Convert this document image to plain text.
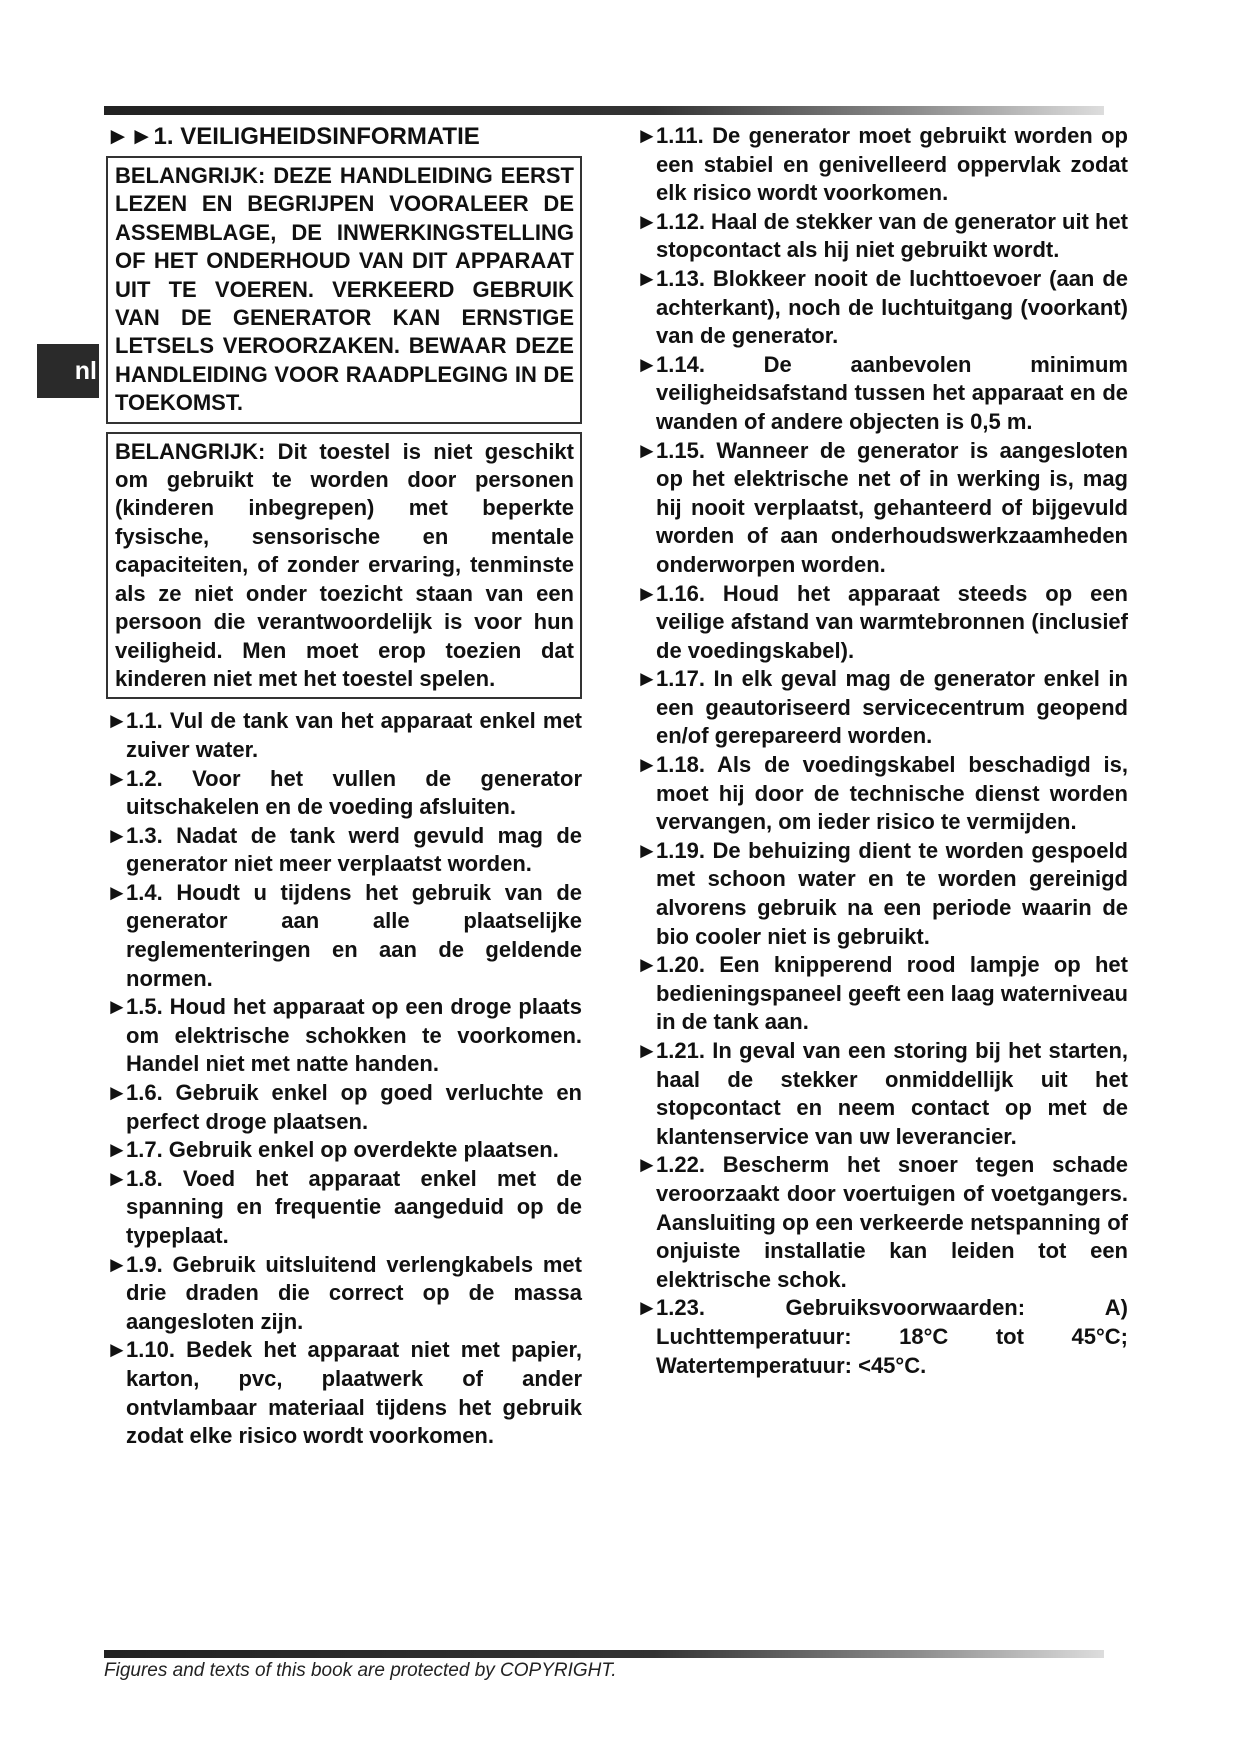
nl
►►1. VEILIGHEIDSINFORMATIE

BELANGRIJK: DEZE HANDLEIDING EERST LEZEN EN BEGRIJPEN VOORALEER DE ASSEMBLAGE, DE INWERKINGSTELLING OF HET ONDERHOUD VAN DIT APPARAAT UIT TE VOEREN. VERKEERD GEBRUIK VAN DE GENERATOR KAN ERNSTIGE LETSELS VEROORZAKEN. BEWAAR DEZE HANDLEIDING VOOR RAADPLEGING IN DE TOEKOMST.

BELANGRIJK: Dit toestel is niet geschikt om gebruikt te worden door personen (kinderen inbegrepen) met beperkte fysische, sensorische en mentale capaciteiten, of zonder ervaring, tenminste als ze niet onder toezicht staan van een persoon die verantwoordelijk is voor hun veiligheid. Men moet erop toezien dat kinderen niet met het toestel spelen.

►
1.1. Vul de tank van het apparaat enkel met zuiver water.

►
1.2. Voor het vullen de generator uitschakelen en de voeding afsluiten.

►
1.3. Nadat de tank werd gevuld mag de generator niet meer verplaatst worden.

►
1.4. Houdt u tijdens het gebruik van de generator aan alle plaatselijke reglementeringen en aan de geldende normen.

►
1.5. Houd het apparaat op een droge plaats om elektrische schokken te voorkomen. Handel niet met natte handen.

►
1.6. Gebruik enkel op goed verluchte en perfect droge plaatsen.

►
1.7. Gebruik enkel op overdekte plaatsen.

►
1.8. Voed het apparaat enkel met de spanning en frequentie aangeduid op de typeplaat.

►
1.9. Gebruik uitsluitend verlengkabels met drie draden die correct op de massa aangesloten zijn.

►
1.10. Bedek het apparaat niet met papier, karton, pvc, plaatwerk of ander ontvlambaar materiaal tijdens het gebruik zodat elke risico wordt voorkomen.

►
1.11. De generator moet gebruikt worden op een stabiel en genivelleerd oppervlak zodat elk risico wordt voorkomen.

►
1.12. Haal de stekker van de generator uit het stopcontact als hij niet gebruikt wordt.

►
1.13. Blokkeer nooit de luchttoevoer (aan de achterkant), noch de luchtuitgang (voorkant) van de generator.

►
1.14. De aanbevolen minimum veiligheidsafstand tussen het apparaat en de wanden of andere objecten is 0,5 m.

►
1.15. Wanneer de generator is aangesloten op het elektrische net of in werking is, mag hij nooit verplaatst, gehanteerd of bijgevuld worden of aan onderhoudswerkzaamheden onderworpen worden.

►
1.16. Houd het apparaat steeds op een veilige afstand van warmtebronnen (inclusief de voedingskabel).

►
1.17. In elk geval mag de generator enkel in een geautoriseerd servicecentrum geopend en/of gerepareerd worden.

►
1.18. Als de voedingskabel beschadigd is, moet hij door de technische dienst worden vervangen, om ieder risico te vermijden.

►
1.19. De behuizing dient te worden gespoeld met schoon water en te worden gereinigd alvorens gebruik na een periode waarin de bio cooler niet is gebruikt.

►
1.20. Een knipperend rood lampje op het bedieningspaneel geeft een laag waterniveau in de tank aan.

►
1.21. In geval van een storing bij het starten, haal de stekker onmiddellijk uit het stopcontact en neem contact op met de klantenservice van uw leverancier.

►
1.22. Bescherm het snoer tegen schade veroorzaakt door voertuigen of voetgangers. Aansluiting op een verkeerde netspanning of onjuiste installatie kan leiden tot een elektrische schok.

►
1.23. Gebruiksvoorwaarden: A) Luchttemperatuur: 18°C tot 45°C; Watertemperatuur: <45°C.

Figures and texts of this book are protected by COPYRIGHT.
